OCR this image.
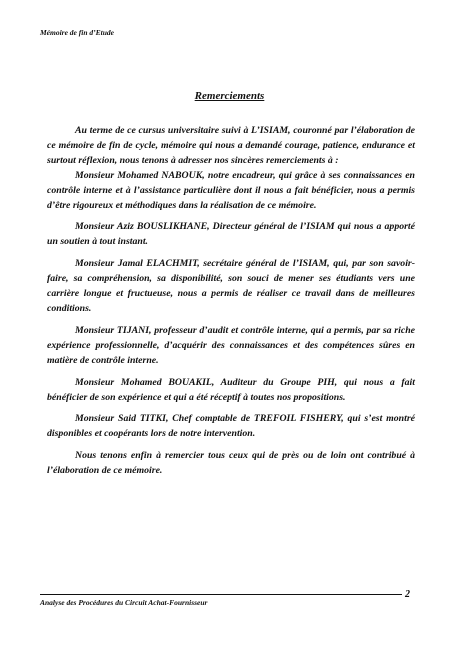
Mémoire de fin d’Etude
Remerciements

Au terme de ce cursus universitaire suivi à L’ISIAM, couronné par l’élaboration de ce mémoire de fin de cycle, mémoire qui nous a demandé courage, patience, endurance et surtout réflexion, nous tenons à adresser nos sincères remerciements à :

Monsieur Mohamed NABOUK, notre encadreur, qui grâce à ses connaissances en contrôle interne et à l’assistance particulière dont il nous a fait bénéficier, nous a permis d’être rigoureux et méthodiques dans la réalisation de ce mémoire.

Monsieur Aziz BOUSLIKHANE, Directeur général de l’ISIAM qui nous a apporté un soutien à tout instant.

Monsieur Jamal ELACHMIT, secrétaire général de l’ISIAM, qui, par son savoir-faire, sa compréhension, sa disponibilité, son souci de mener ses étudiants vers une carrière longue et fructueuse, nous a permis de réaliser ce travail dans de meilleures conditions.

Monsieur TIJANI, professeur d’audit et contrôle interne, qui a permis, par sa riche expérience professionnelle, d’acquérir des connaissances et des compétences sûres en matière de contrôle interne.

Monsieur Mohamed BOUAKIL, Auditeur du Groupe PIH, qui nous a fait bénéficier de son expérience et qui a été réceptif à toutes nos propositions.

Monsieur Said TITKI, Chef comptable de TREFOIL FISHERY, qui s’est montré disponibles et coopérants lors de notre intervention.

Nous tenons enfin à remercier tous ceux qui de près ou de loin ont contribué à l’élaboration de ce mémoire.

2
Analyse des Procédures du Circuit Achat-Fournisseur
